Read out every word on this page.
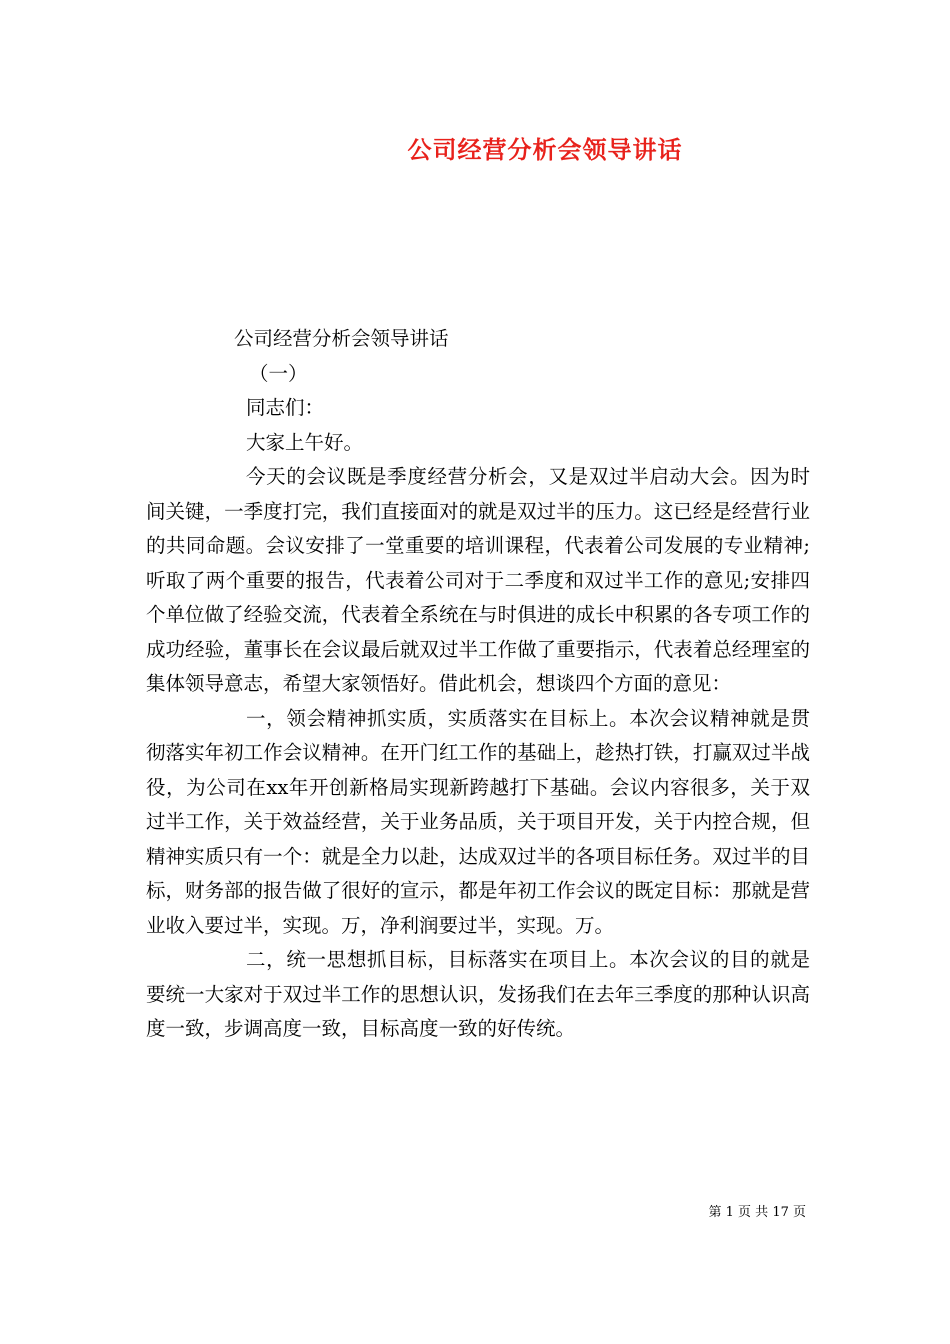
公司经营分析会领导讲话

公司经营分析会领导讲话

（一）

同志们：

大家上午好。

今天的会议既是季度经营分析会，又是双过半启动大会。因为时间关键，一季度打完，我们直接面对的就是双过半的压力。这已经是经营行业的共同命题。会议安排了一堂重要的培训课程，代表着公司发展的专业精神;听取了两个重要的报告，代表着公司对于二季度和双过半工作的意见;安排四个单位做了经验交流，代表着全系统在与时俱进的成长中积累的各专项工作的成功经验，董事长在会议最后就双过半工作做了重要指示，代表着总经理室的集体领导意志，希望大家领悟好。借此机会，想谈四个方面的意见：

一，领会精神抓实质，实质落实在目标上。本次会议精神就是贯彻落实年初工作会议精神。在开门红工作的基础上，趁热打铁，打赢双过半战役，为公司在xx年开创新格局实现新跨越打下基础。会议内容很多，关于双过半工作，关于效益经营，关于业务品质，关于项目开发，关于内控合规，但精神实质只有一个：就是全力以赴，达成双过半的各项目标任务。双过半的目标，财务部的报告做了很好的宣示，都是年初工作会议的既定目标：那就是营业收入要过半，实现。万，净利润要过半，实现。万。

二，统一思想抓目标，目标落实在项目上。本次会议的目的就是要统一大家对于双过半工作的思想认识，发扬我们在去年三季度的那种认识高度一致，步调高度一致，目标高度一致的好传统。

第 1 页 共 17 页
